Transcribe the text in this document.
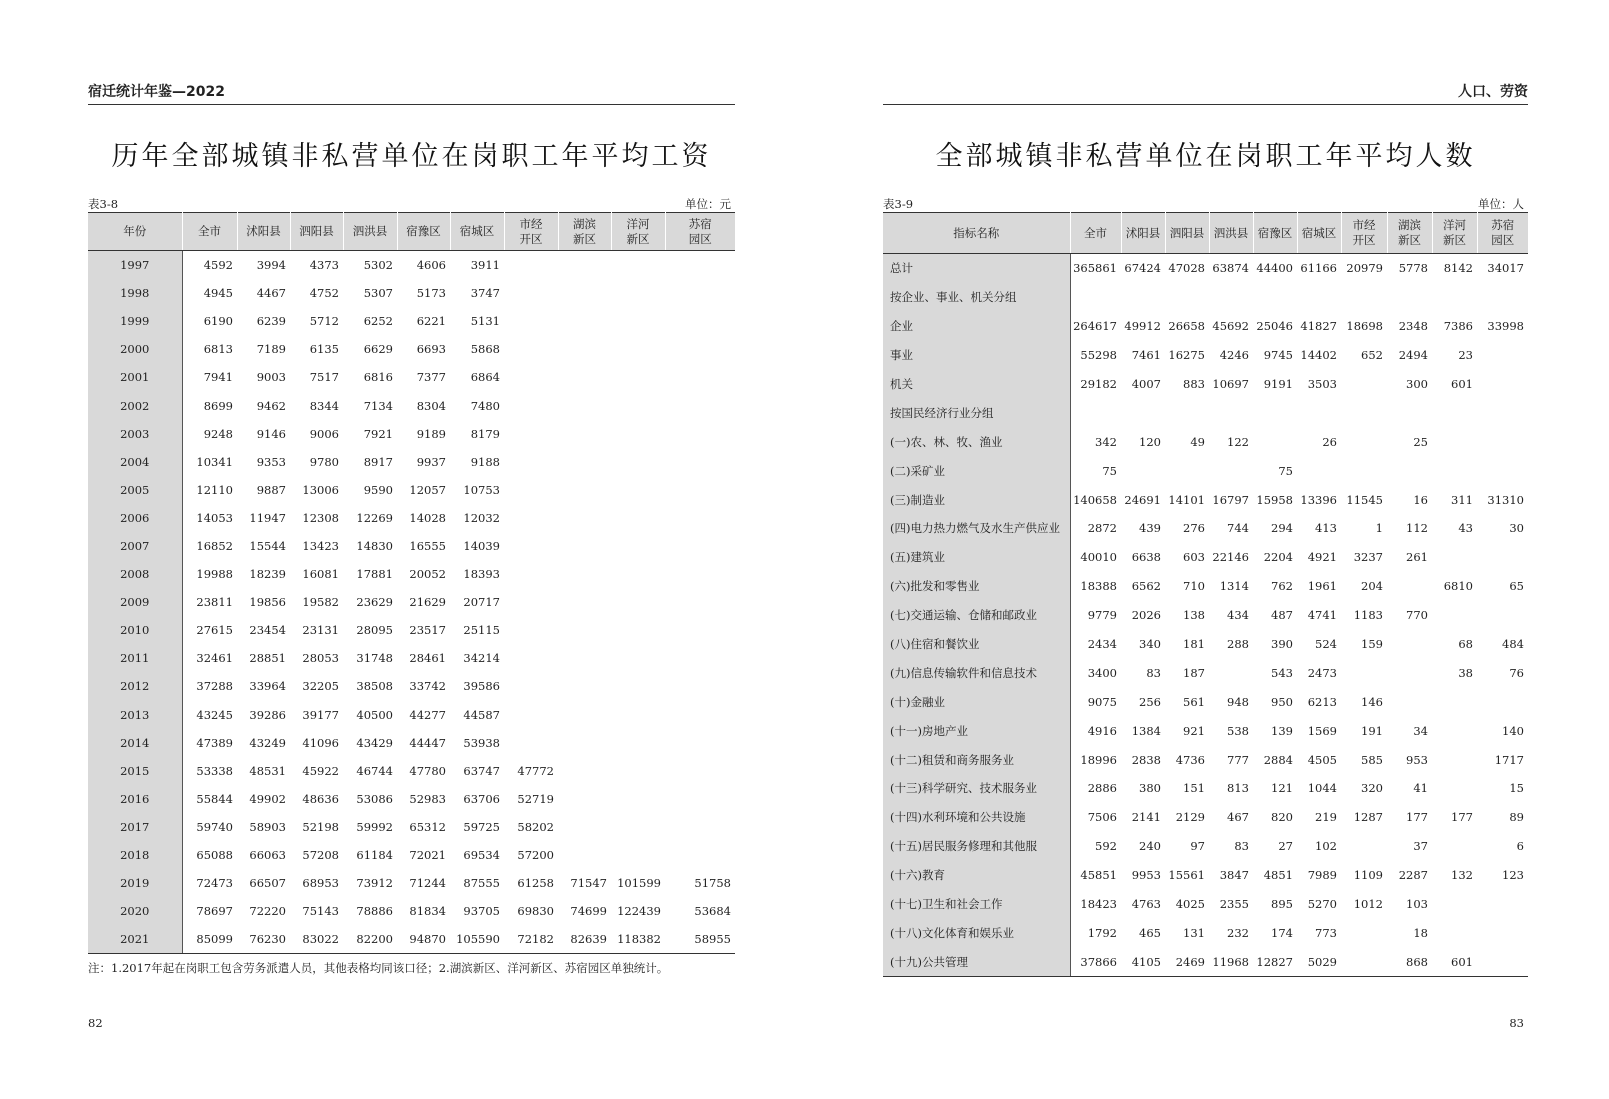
宿迁统计年鉴—2022
历年全部城镇非私营单位在岗职工年平均工资
表3-8	单位：元
年份	全市	沭阳县	泗阳县	泗洪县	宿豫区	宿城区	市经
开区	湖滨
新区	洋河
新区	苏宿
园区
1997	4592	3994	4373	5302	4606	3911				
1998	4945	4467	4752	5307	5173	3747				
1999	6190	6239	5712	6252	6221	5131				
2000	6813	7189	6135	6629	6693	5868				
2001	7941	9003	7517	6816	7377	6864				
2002	8699	9462	8344	7134	8304	7480				
2003	9248	9146	9006	7921	9189	8179				
2004	10341	9353	9780	8917	9937	9188				
2005	12110	9887	13006	9590	12057	10753				
2006	14053	11947	12308	12269	14028	12032				
2007	16852	15544	13423	14830	16555	14039				
2008	19988	18239	16081	17881	20052	18393				
2009	23811	19856	19582	23629	21629	20717				
2010	27615	23454	23131	28095	23517	25115				
2011	32461	28851	28053	31748	28461	34214				
2012	37288	33964	32205	38508	33742	39586				
2013	43245	39286	39177	40500	44277	44587				
2014	47389	43249	41096	43429	44447	53938				
2015	53338	48531	45922	46744	47780	63747	47772			
2016	55844	49902	48636	53086	52983	63706	52719			
2017	59740	58903	52198	59992	65312	59725	58202			
2018	65088	66063	57208	61184	72021	69534	57200			
2019	72473	66507	68953	73912	71244	87555	61258	71547	101599	51758
2020	78697	72220	75143	78886	81834	93705	69830	74699	122439	53684
2021	85099	76230	83022	82200	94870	105590	72182	82639	118382	58955
注：1.2017年起在岗职工包含劳务派遣人员，其他表格均同该口径；2.湖滨新区、洋河新区、苏宿园区单独统计。
82
人口、劳资
全部城镇非私营单位在岗职工年平均人数
表3-9	单位：人
指标名称	全市	沭阳县	泗阳县	泗洪县	宿豫区	宿城区	市经
开区	湖滨
新区	洋河
新区	苏宿
园区
总计	365861	67424	47028	63874	44400	61166	20979	5778	8142	34017
按企业、事业、机关分组										
企业	264617	49912	26658	45692	25046	41827	18698	2348	7386	33998
事业	55298	7461	16275	4246	9745	14402	652	2494	23	
机关	29182	4007	883	10697	9191	3503		300	601	
按国民经济行业分组										
(一)农、林、牧、渔业	342	120	49	122		26		25		
(二)采矿业	75				75					
(三)制造业	140658	24691	14101	16797	15958	13396	11545	16	311	31310
(四)电力热力燃气及水生产供应业	2872	439	276	744	294	413	1	112	43	30
(五)建筑业	40010	6638	603	22146	2204	4921	3237	261		
(六)批发和零售业	18388	6562	710	1314	762	1961	204		6810	65
(七)交通运输、仓储和邮政业	9779	2026	138	434	487	4741	1183	770		
(八)住宿和餐饮业	2434	340	181	288	390	524	159		68	484
(九)信息传输软件和信息技术	3400	83	187		543	2473			38	76
(十)金融业	9075	256	561	948	950	6213	146			
(十一)房地产业	4916	1384	921	538	139	1569	191	34		140
(十二)租赁和商务服务业	18996	2838	4736	777	2884	4505	585	953		1717
(十三)科学研究、技术服务业	2886	380	151	813	121	1044	320	41		15
(十四)水利环境和公共设施	7506	2141	2129	467	820	219	1287	177	177	89
(十五)居民服务修理和其他服	592	240	97	83	27	102		37		6
(十六)教育	45851	9953	15561	3847	4851	7989	1109	2287	132	123
(十七)卫生和社会工作	18423	4763	4025	2355	895	5270	1012	103		
(十八)文化体育和娱乐业	1792	465	131	232	174	773		18		
(十九)公共管理	37866	4105	2469	11968	12827	5029		868	601	
83
